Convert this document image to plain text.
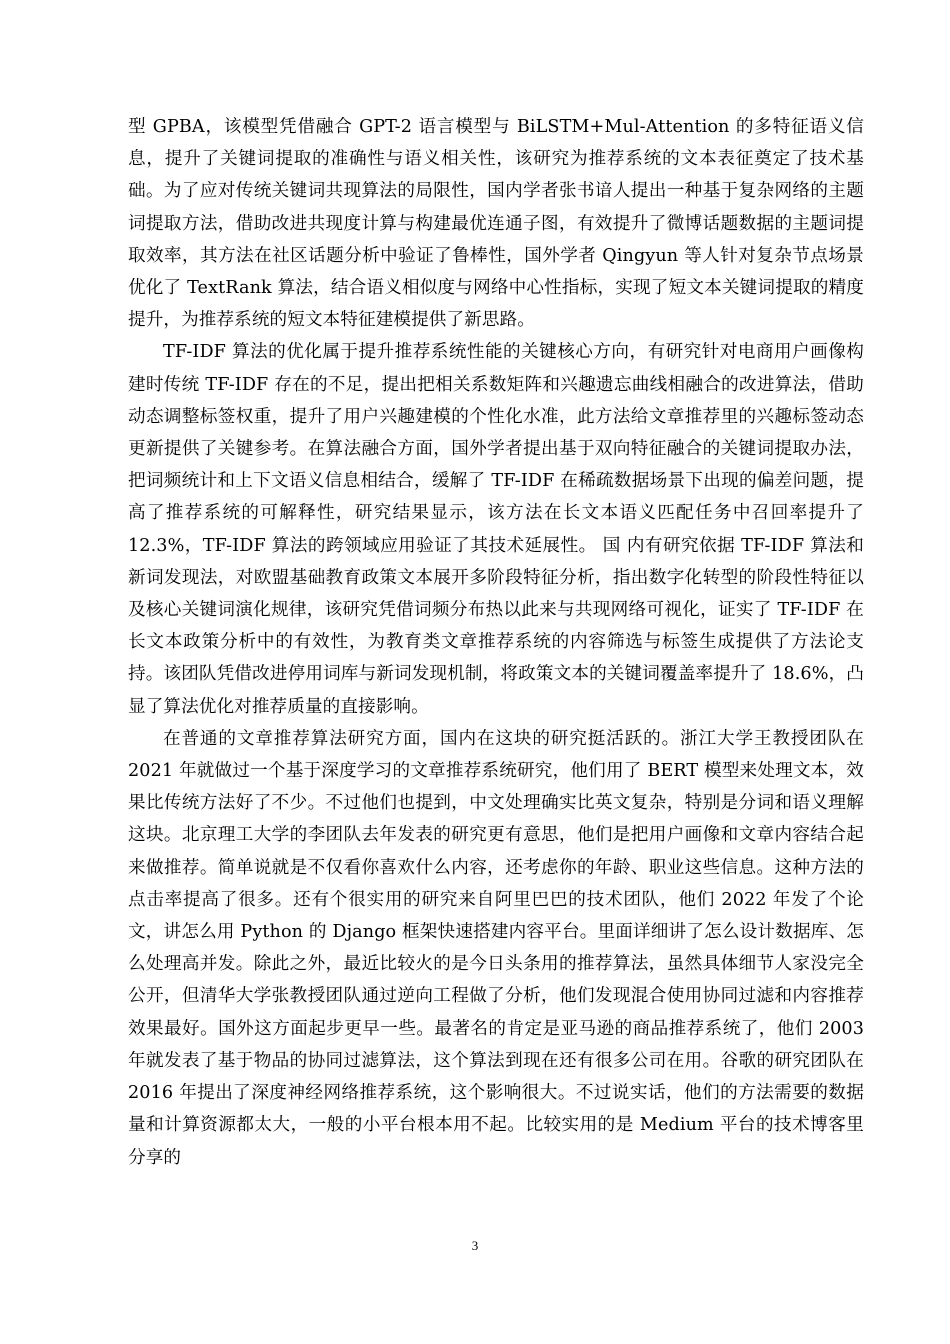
型 GPBA，该模型凭借融合 GPT-2 语言模型与 BiLSTM+Mul-Attention 的多特征语义信息，提升了关键词提取的准确性与语义相关性，该研究为推荐系统的文本表征奠定了技术基础。为了应对传统关键词共现算法的局限性，国内学者张书谙人提出一种基于复杂网络的主题词提取方法，借助改进共现度计算与构建最优连通子图，有效提升了微博话题数据的主题词提取效率，其方法在社区话题分析中验证了鲁棒性，国外学者 Qingyun 等人针对复杂节点场景优化了 TextRank 算法，结合语义相似度与网络中心性指标，实现了短文本关键词提取的精度提升，为推荐系统的短文本特征建模提供了新思路。

TF-IDF 算法的优化属于提升推荐系统性能的关键核心方向，有研究针对电商用户画像构建时传统 TF-IDF 存在的不足，提出把相关系数矩阵和兴趣遗忘曲线相融合的改进算法，借助动态调整标签权重，提升了用户兴趣建模的个性化水准，此方法给文章推荐里的兴趣标签动态更新提供了关键参考。在算法融合方面，国外学者提出基于双向特征融合的关键词提取办法，把词频统计和上下文语义信息相结合，缓解了 TF-IDF 在稀疏数据场景下出现的偏差问题，提高了推荐系统的可解释性，研究结果显示，该方法在长文本语义匹配任务中召回率提升了 12.3%，TF-IDF 算法的跨领域应用验证了其技术延展性。 国 内有研究依据 TF-IDF 算法和新词发现法，对欧盟基础教育政策文本展开多阶段特征分析，指出数字化转型的阶段性特征以及核心关键词演化规律，该研究凭借词频分布热以此来与共现网络可视化，证实了 TF-IDF 在长文本政策分析中的有效性，为教育类文章推荐系统的内容筛选与标签生成提供了方法论支持。该团队凭借改进停用词库与新词发现机制，将政策文本的关键词覆盖率提升了 18.6%，凸显了算法优化对推荐质量的直接影响。

在普通的文章推荐算法研究方面，国内在这块的研究挺活跃的。浙江大学王教授团队在 2021 年就做过一个基于深度学习的文章推荐系统研究，他们用了 BERT 模型来处理文本，效果比传统方法好了不少。不过他们也提到，中文处理确实比英文复杂，特别是分词和语义理解这块。北京理工大学的李团队去年发表的研究更有意思，他们是把用户画像和文章内容结合起来做推荐。简单说就是不仅看你喜欢什么内容，还考虑你的年龄、职业这些信息。这种方法的点击率提高了很多。还有个很实用的研究来自阿里巴巴的技术团队，他们 2022 年发了个论文，讲怎么用 Python 的 Django 框架快速搭建内容平台。里面详细讲了怎么设计数据库、怎么处理高并发。除此之外，最近比较火的是今日头条用的推荐算法，虽然具体细节人家没完全公开，但清华大学张教授团队通过逆向工程做了分析，他们发现混合使用协同过滤和内容推荐效果最好。国外这方面起步更早一些。最著名的肯定是亚马逊的商品推荐系统了，他们 2003 年就发表了基于物品的协同过滤算法，这个算法到现在还有很多公司在用。谷歌的研究团队在 2016 年提出了深度神经网络推荐系统，这个影响很大。不过说实话，他们的方法需要的数据量和计算资源都太大，一般的小平台根本用不起。比较实用的是 Medium 平台的技术博客里分享的

3
